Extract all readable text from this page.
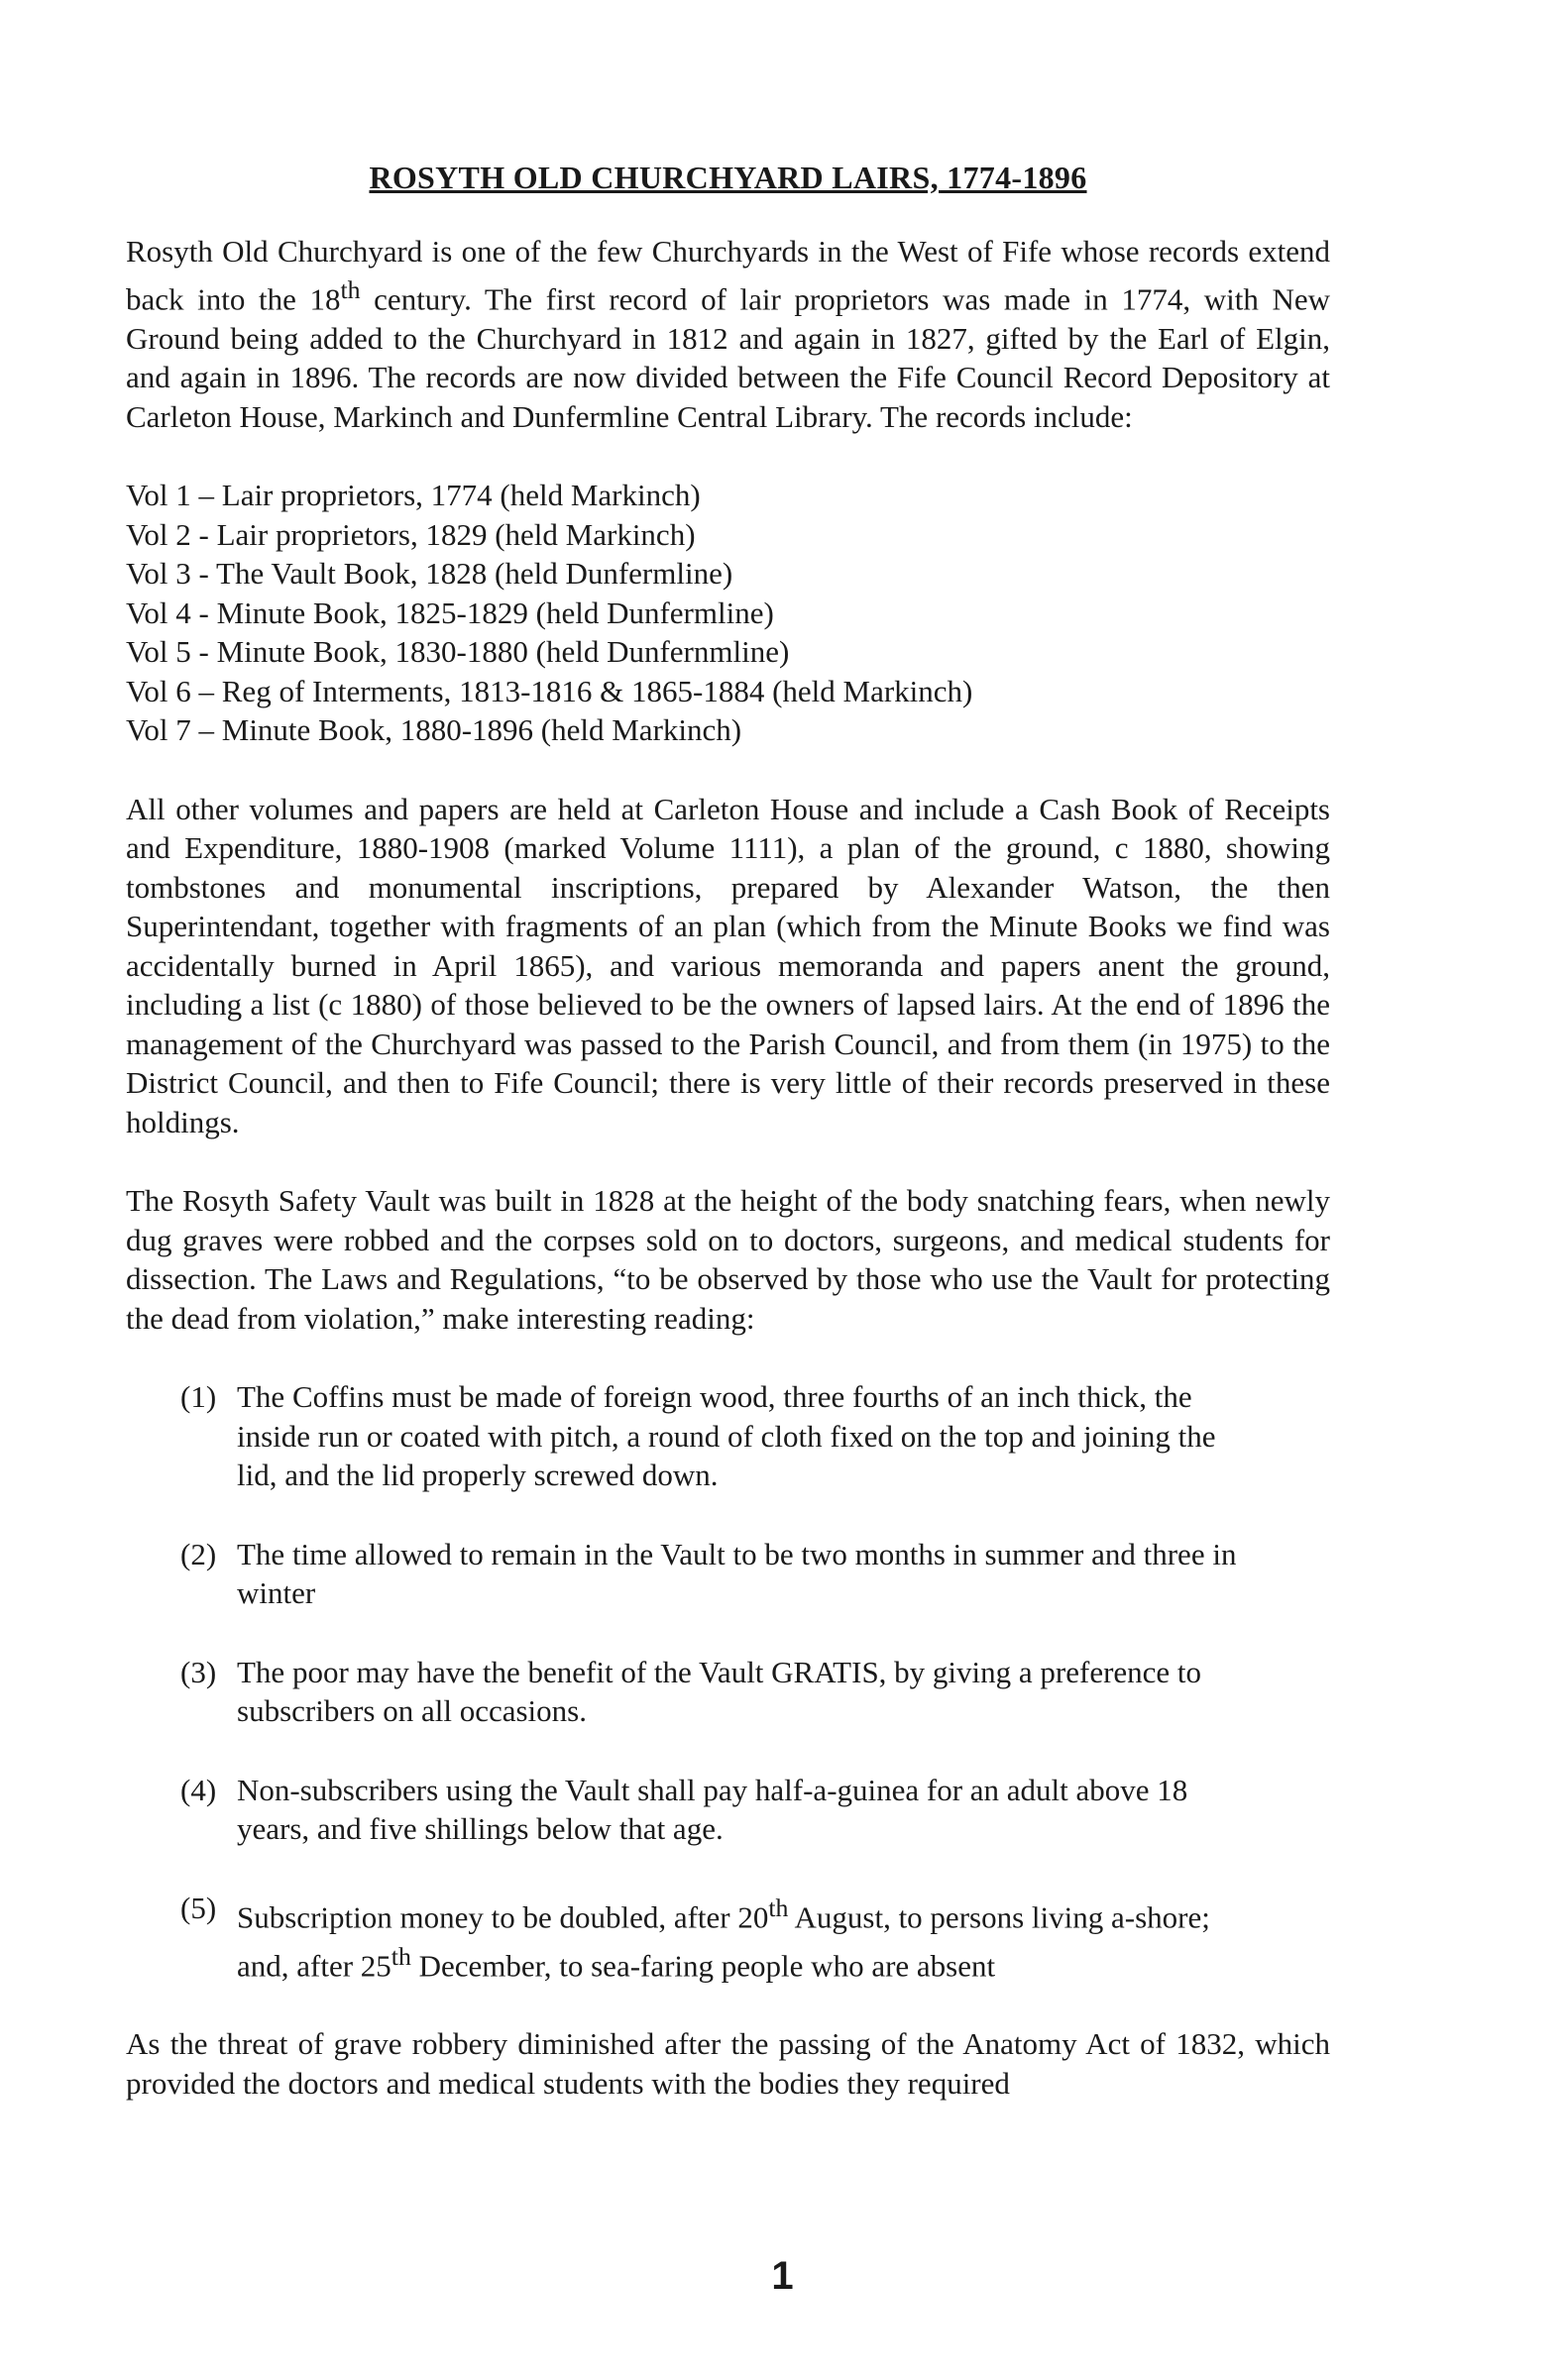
ROSYTH OLD CHURCHYARD LAIRS, 1774-1896

Rosyth Old Churchyard is one of the few Churchyards in the West of Fife whose records extend back into the 18th century. The first record of lair proprietors was made in 1774, with New Ground being added to the Churchyard in 1812 and again in 1827, gifted by the Earl of Elgin, and again in 1896. The records are now divided between the Fife Council Record Depository at Carleton House, Markinch and Dunfermline Central Library. The records include:

Vol 1 – Lair proprietors, 1774 (held Markinch)
Vol 2 - Lair proprietors, 1829 (held Markinch)
Vol 3 - The Vault Book, 1828 (held Dunfermline)
Vol 4 - Minute Book, 1825-1829 (held Dunfermline)
Vol 5 - Minute Book, 1830-1880 (held Dunfernmline)
Vol 6 – Reg of Interments, 1813-1816 & 1865-1884 (held Markinch)
Vol 7 – Minute Book, 1880-1896 (held Markinch)

All other volumes and papers are held at Carleton House and include a Cash Book of Receipts and Expenditure, 1880-1908 (marked Volume 1111), a plan of the ground, c 1880, showing tombstones and monumental inscriptions, prepared by Alexander Watson, the then Superintendant, together with fragments of an plan (which from the Minute Books we find was accidentally burned in April 1865), and various memoranda and papers anent the ground, including a list (c 1880) of those believed to be the owners of lapsed lairs. At the end of 1896 the management of the Churchyard was passed to the Parish Council, and from them (in 1975) to the District Council, and then to Fife Council; there is very little of their records preserved in these holdings.

The Rosyth Safety Vault was built in 1828 at the height of the body snatching fears, when newly dug graves were robbed and the corpses sold on to doctors, surgeons, and medical students for dissection. The Laws and Regulations, “to be observed by those who use the Vault for protecting the dead from violation,” make interesting reading:

(1) The Coffins must be made of foreign wood, three fourths of an inch thick, the inside run or coated with pitch, a round of cloth fixed on the top and joining the lid, and the lid properly screwed down.
(2) The time allowed to remain in the Vault to be two months in summer and three in winter
(3) The poor may have the benefit of the Vault GRATIS, by giving a preference to subscribers on all occasions.
(4) Non-subscribers using the Vault shall pay half-a-guinea for an adult above 18 years, and five shillings below that age.
(5) Subscription money to be doubled, after 20th August, to persons living a-shore; and, after 25th December, to sea-faring people who are absent

As the threat of grave robbery diminished after the passing of the Anatomy Act of 1832, which provided the doctors and medical students with the bodies they required

1
